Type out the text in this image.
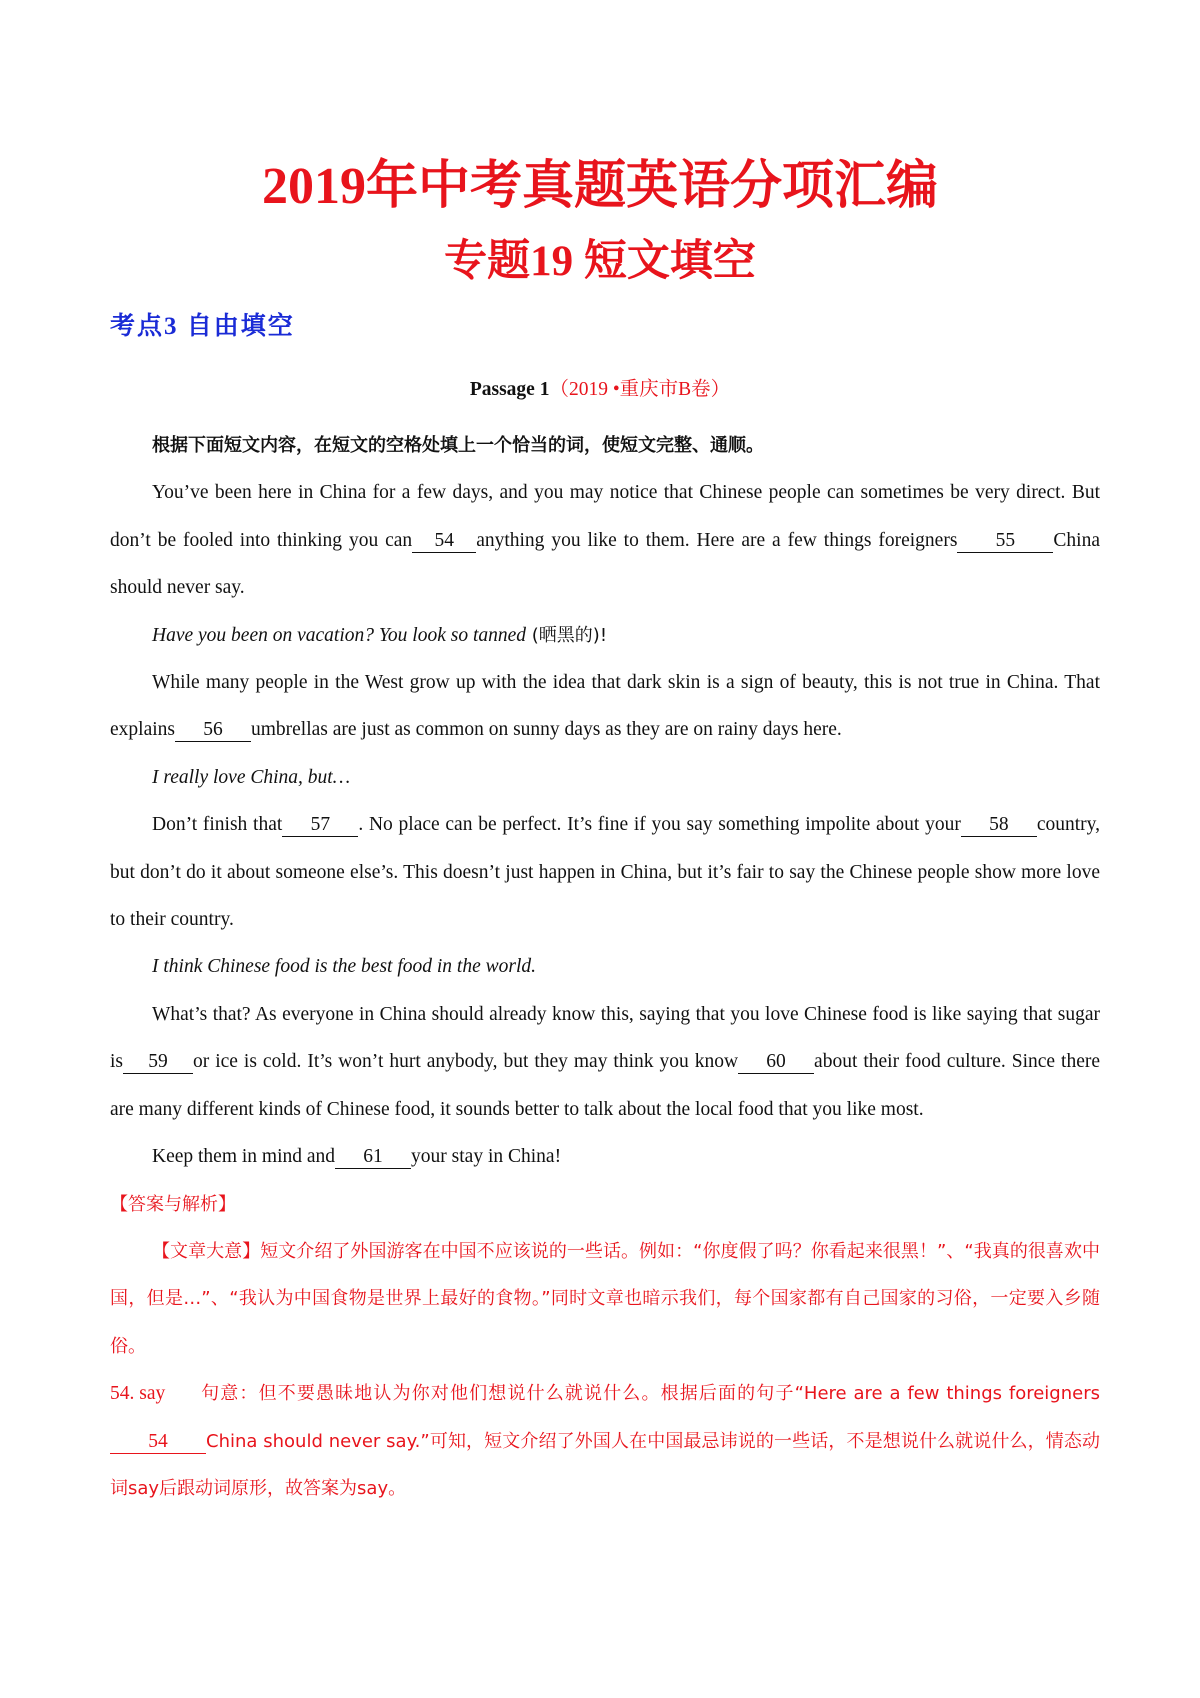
2019年中考真题英语分项汇编
专题19 短文填空
考点3 自由填空

Passage 1（2019 •重庆市B卷）

根据下面短文内容，在短文的空格处填上一个恰当的词，使短文完整、通顺。

You’ve been here in China for a few days, and you may notice that Chinese people can sometimes be very direct. But don’t be fooled into thinking you can 54 anything you like to them. Here are a few things foreigners 55 China should never say.

Have you been on vacation? You look so tanned (晒黑的)!

While many people in the West grow up with the idea that dark skin is a sign of beauty, this is not true in China. That explains 56 umbrellas are just as common on sunny days as they are on rainy days here.

I really love China, but…

Don’t finish that 57 . No place can be perfect. It’s fine if you say something impolite about your 58 country, but don’t do it about someone else’s. This doesn’t just happen in China, but it’s fair to say the Chinese people show more love to their country.

I think Chinese food is the best food in the world.

What’s that? As everyone in China should already know this, saying that you love Chinese food is like saying that sugar is 59 or ice is cold. It’s won’t hurt anybody, but they may think you know 60 about their food culture. Since there are many different kinds of Chinese food, it sounds better to talk about the local food that you like most.

Keep them in mind and 61 your stay in China!

【答案与解析】

【文章大意】短文介绍了外国游客在中国不应该说的一些话。例如：“你度假了吗？你看起来很黑！”、“我真的很喜欢中国，但是…”、“我认为中国食物是世界上最好的食物。”同时文章也暗示我们，每个国家都有自己国家的习俗，一定要入乡随俗。

54. say 句意：但不要愚昧地认为你对他们想说什么就说什么。根据后面的句子“Here are a few things foreigners54 China should never say.”可知，短文介绍了外国人在中国最忌讳说的一些话，不是想说什么就说什么，情态动词say后跟动词原形，故答案为say。
